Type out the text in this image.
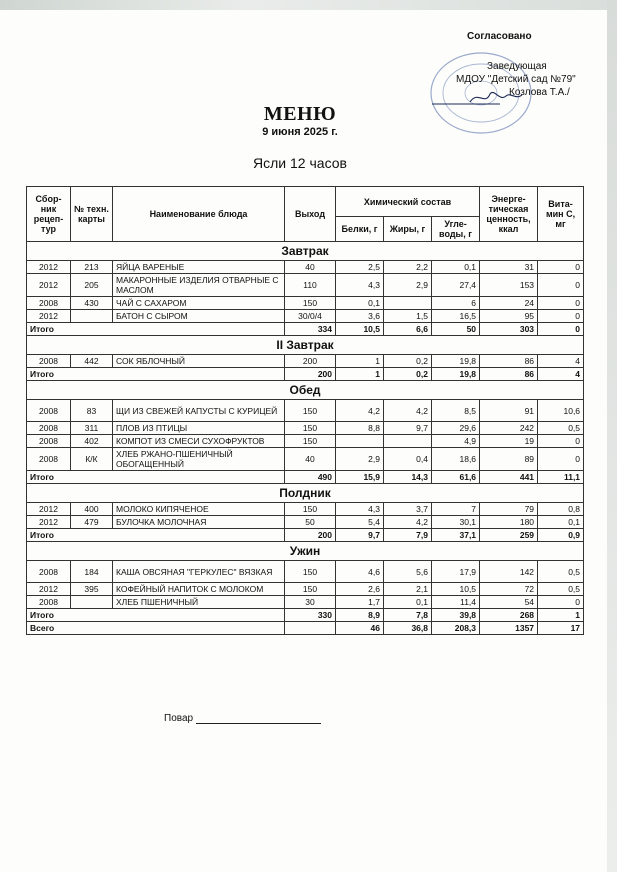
Согласовано
Заведующая
МДОУ "Детский сад №79"
Козлова Т.А./
МЕНЮ
9 июня 2025 г.
Ясли 12 часов
Сбор-ник рецеп-тур	№ техн. карты	Наименование блюда	Выход	Химический состав			Энерге-тическая ценность, ккал	Вита-мин С, мг
				Белки, г	Жиры, г	Угле-воды, г		
Завтрак								
2012	213	ЯЙЦА ВАРЕНЫЕ	40	2,5	2,2	0,1	31	0
2012	205	МАКАРОННЫЕ ИЗДЕЛИЯ ОТВАРНЫЕ С МАСЛОМ	110	4,3	2,9	27,4	153	0
2008	430	ЧАЙ С САХАРОМ	150	0,1		6	24	0
2012		БАТОН С СЫРОМ	30/0/4	3,6	1,5	16,5	95	0
Итого			334	10,5	6,6	50	303	0
II Завтрак								
2008	442	СОК ЯБЛОЧНЫЙ	200	1	0,2	19,8	86	4
Итого			200	1	0,2	19,8	86	4
Обед								
2008	83	ЩИ ИЗ СВЕЖЕЙ КАПУСТЫ С КУРИЦЕЙ	150	4,2	4,2	8,5	91	10,6
2008	311	ПЛОВ ИЗ ПТИЦЫ	150	8,8	9,7	29,6	242	0,5
2008	402	КОМПОТ ИЗ СМЕСИ СУХОФРУКТОВ	150			4,9	19	0
2008	К/К	ХЛЕБ РЖАНО-ПШЕНИЧНЫЙ ОБОГАЩЕННЫЙ	40	2,9	0,4	18,6	89	0
Итого			490	15,9	14,3	61,6	441	11,1
Полдник								
2012	400	МОЛОКО КИПЯЧЕНОЕ	150	4,3	3,7	7	79	0,8
2012	479	БУЛОЧКА МОЛОЧНАЯ	50	5,4	4,2	30,1	180	0,1
Итого			200	9,7	7,9	37,1	259	0,9
Ужин								
2008	184	КАША ОВСЯНАЯ "ГЕРКУЛЕС" ВЯЗКАЯ	150	4,6	5,6	17,9	142	0,5
2012	395	КОФЕЙНЫЙ НАПИТОК С МОЛОКОМ	150	2,6	2,1	10,5	72	0,5
2008		ХЛЕБ ПШЕНИЧНЫЙ	30	1,7	0,1	11,4	54	0
Итого			330	8,9	7,8	39,8	268	1
Всего				46	36,8	208,3	1357	17
Повар
